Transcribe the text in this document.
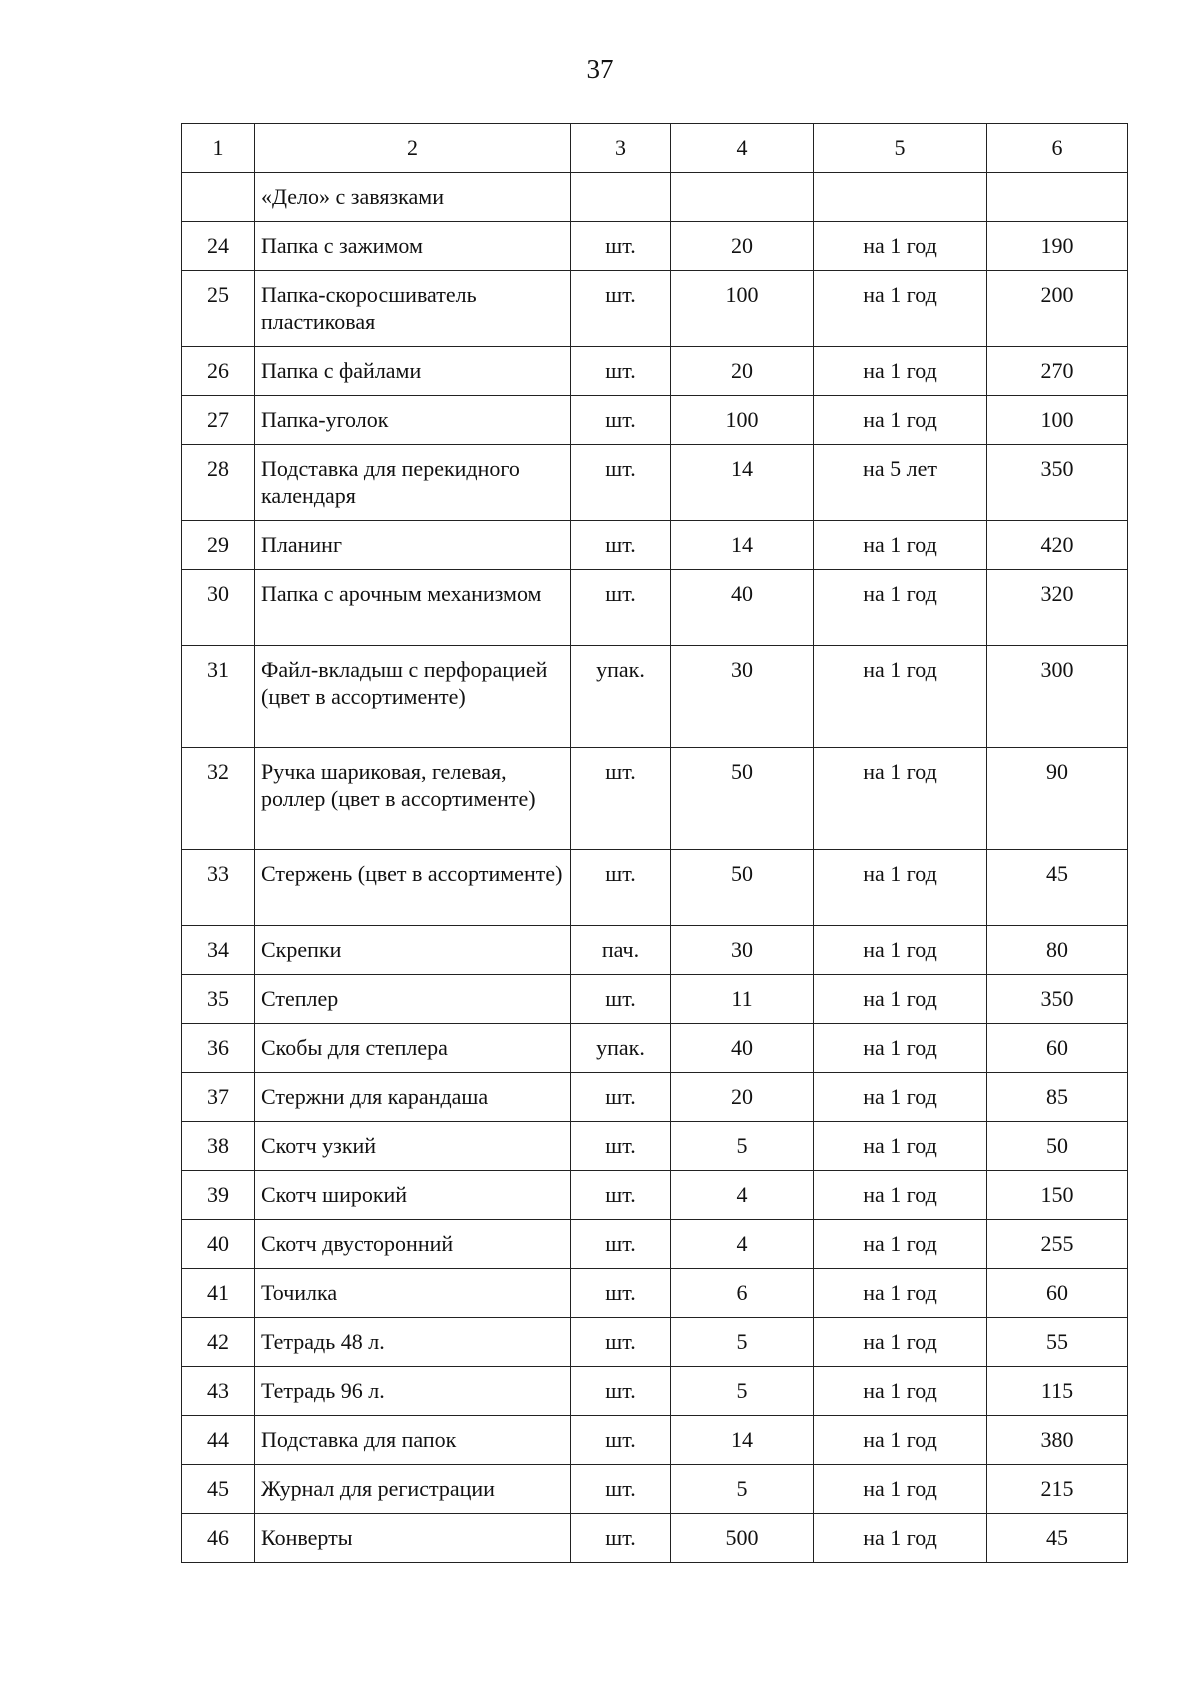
37
1	2	3	4	5	6

	«Дело» с завязками				

24	Папка с зажимом	шт.	20	на 1 год	190

25	Папка-скоросшиватель пластиковая	шт.	100	на 1 год	200

26	Папка с файлами	шт.	20	на 1 год	270

27	Папка-уголок	шт.	100	на 1 год	100

28	Подставка для перекидного календаря	шт.	14	на 5 лет	350

29	Планинг	шт.	14	на 1 год	420

30	Папка с арочным механизмом	шт.	40	на 1 год	320

31	Файл-вкладыш с перфорацией (цвет в ассортименте)	упак.	30	на 1 год	300

32	Ручка шариковая, гелевая, роллер (цвет в ассортименте)	шт.	50	на 1 год	90

33	Стержень (цвет в ассортименте)	шт.	50	на 1 год	45

34	Скрепки	пач.	30	на 1 год	80

35	Степлер	шт.	11	на 1 год	350

36	Скобы для степлера	упак.	40	на 1 год	60

37	Стержни для карандаша	шт.	20	на 1 год	85

38	Скотч узкий	шт.	5	на 1 год	50

39	Скотч широкий	шт.	4	на 1 год	150

40	Скотч двусторонний	шт.	4	на 1 год	255

41	Точилка	шт.	6	на 1 год	60

42	Тетрадь 48 л.	шт.	5	на 1 год	55

43	Тетрадь 96 л.	шт.	5	на 1 год	115

44	Подставка для папок	шт.	14	на 1 год	380

45	Журнал для регистрации	шт.	5	на 1 год	215

46	Конверты	шт.	500	на 1 год	45
